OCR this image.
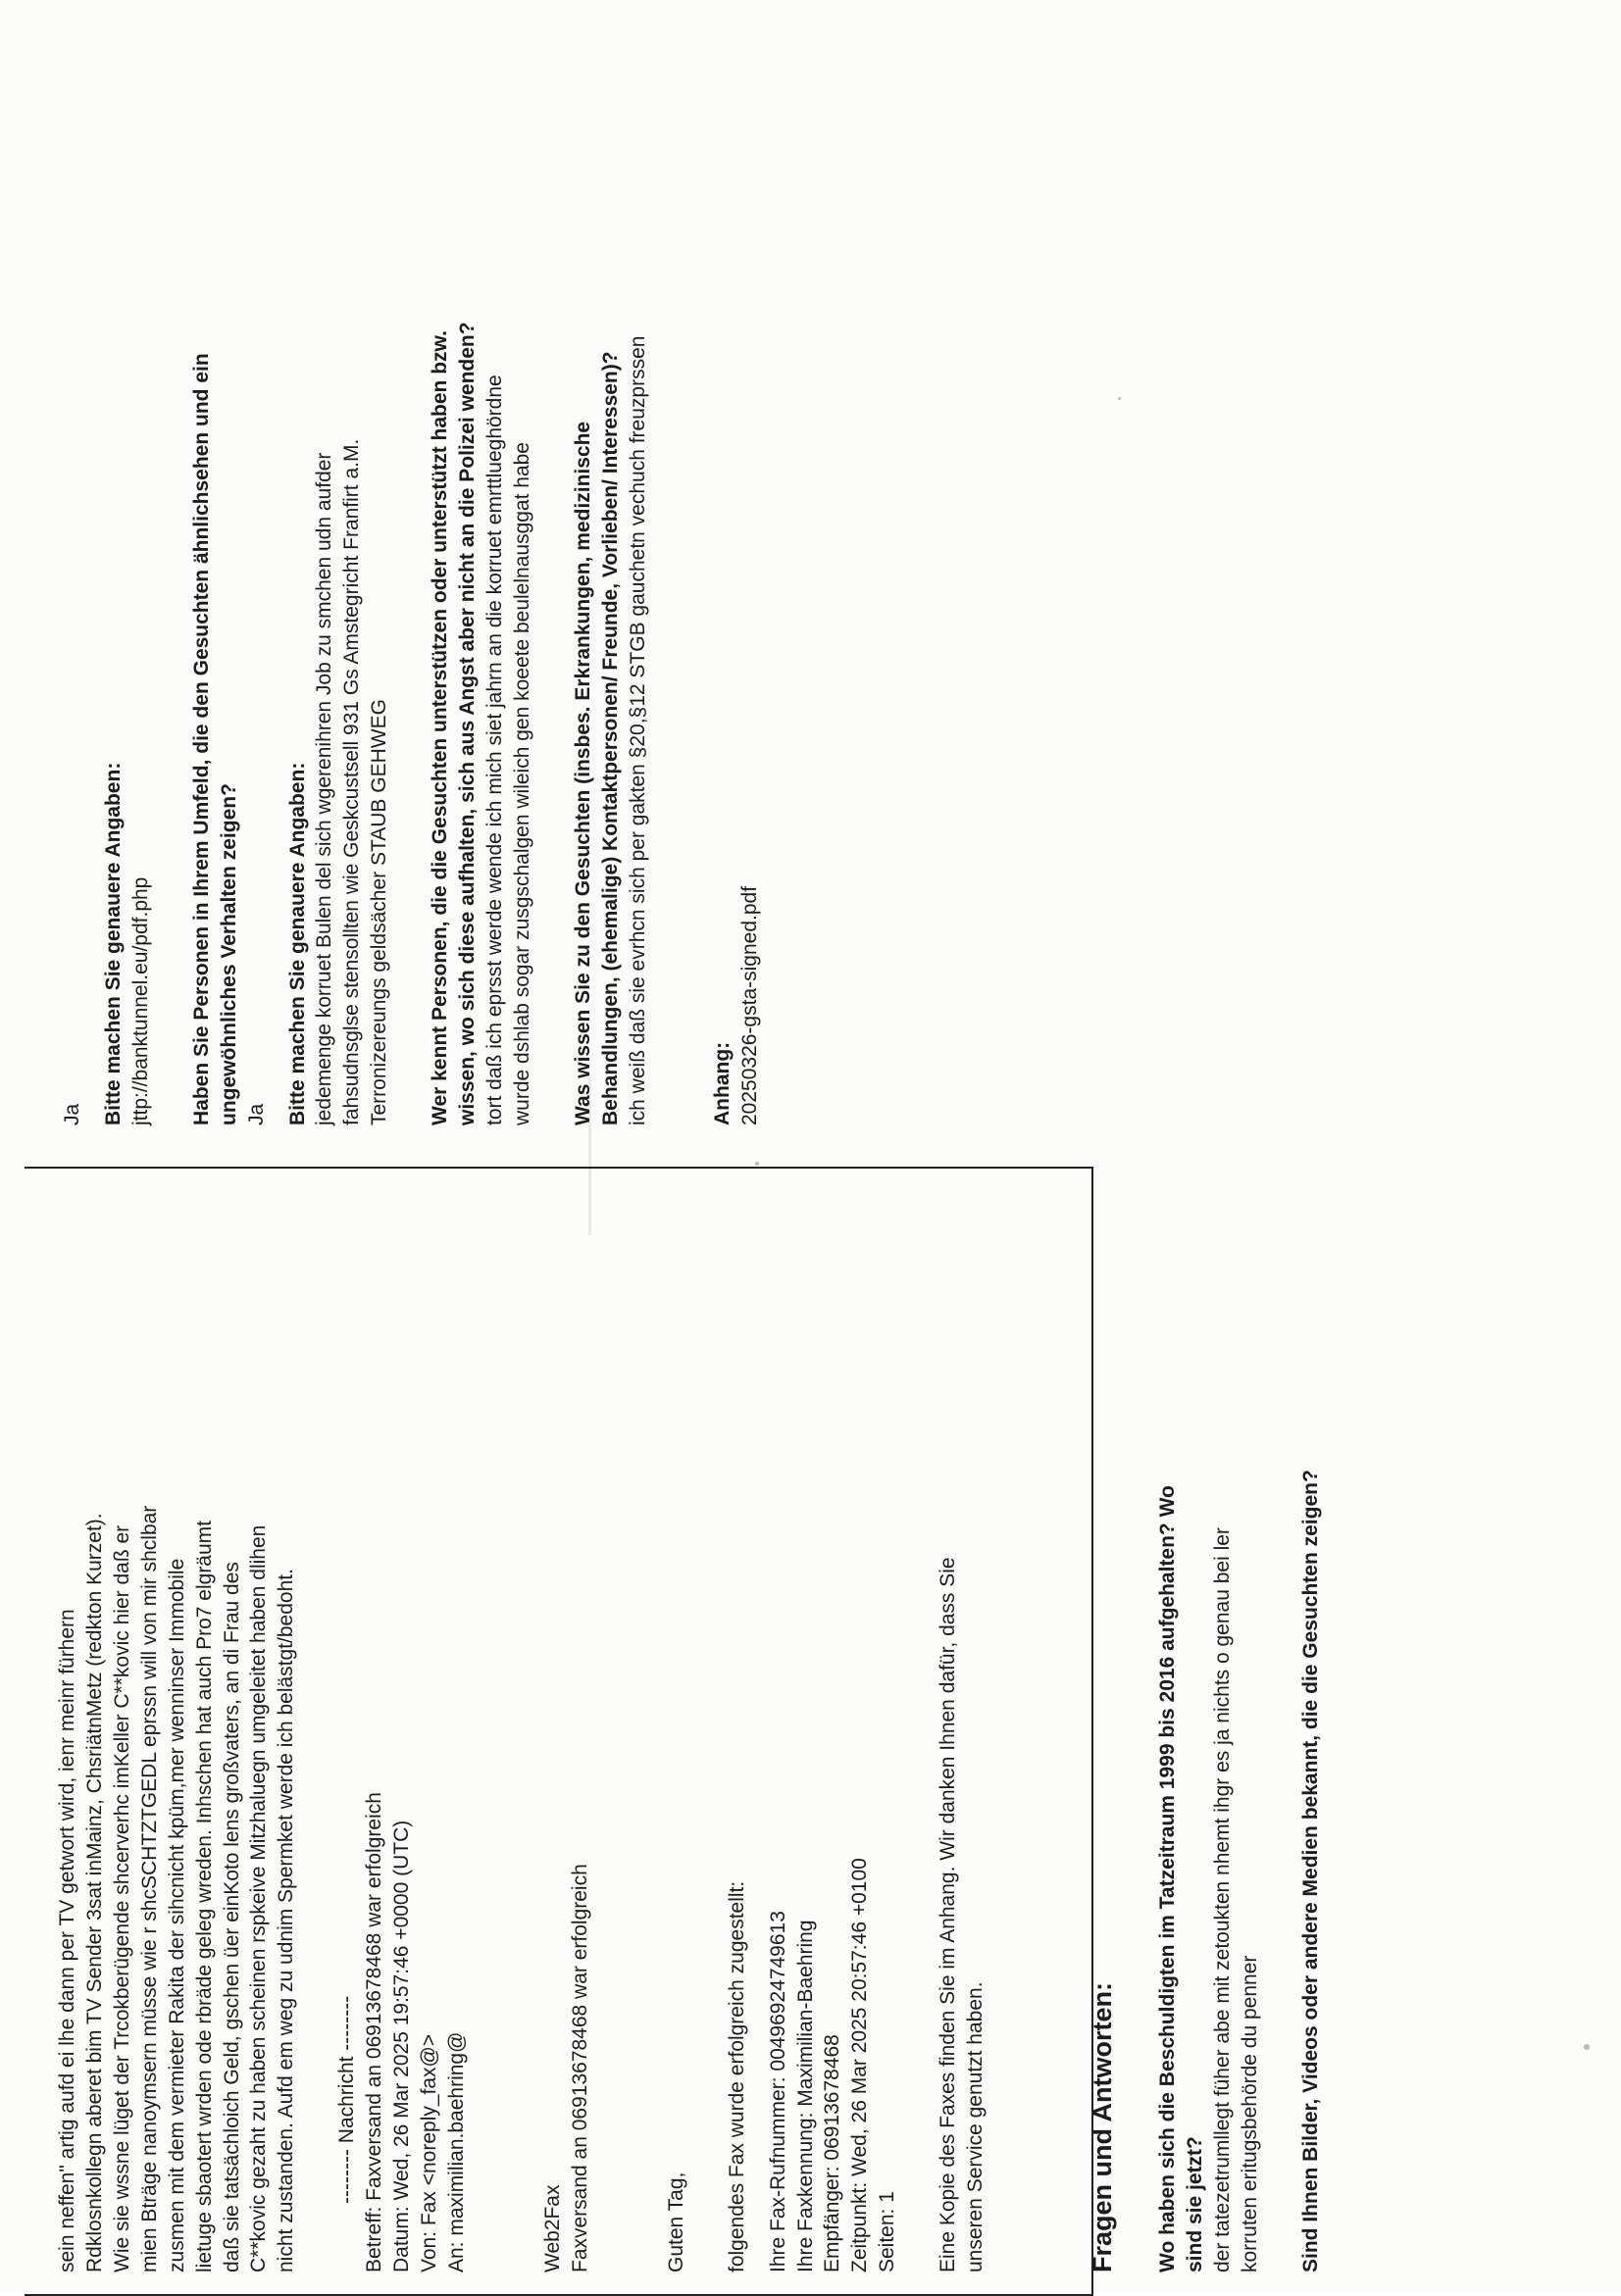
sein neffen" artig aufd ei lhe dann per TV getwort wird, ienr meinr fürhern Rdklosnkollegn aberet bim TV Sender 3sat inMainz, ChsriätnMetz (redkton Kurzet). Wie sie wssne lüget der Trcokberügende shcerverhc imKeller C**kovic hier daß er mien Bträge nanoymsern müsse wie r shcSCHTZTGEDL eprssn will von mir shclbar zusmen mit dem vermieter Rakita der sihcnicht kpüm,mer wenninser Immobile lietuge sbaotert wrden ode rbräde geleg wreden. Inhschen hat auch Pro7 elgräumt daß sie tatsächloich Geld, gschen üer einKoto lens großvaters, an di Frau des C**kovic gezaht zu haben scheinen rspkeive Mitzhaluegn umgeleitet haben dlihen nicht zustanden. Aufd em weg zu udnim Spermket werde ich belästgt/bedoht. -------- Nachricht -------- Betreff: Faxversand an 06913678468 war erfolgreich Datum: Wed, 26 Mar 2025 19:57:46 +0000 (UTC) Von: Fax <noreply_fax@> An: maximilian.baehring@	Web2Fax Faxversand an 06913678468 war erfolgreich	Guten Tag, folgendes Fax wurde erfolgreich zugestellt: Ihre Fax-Rufnummer: 00496924749613 Ihre Faxkennung: Maximilian-Baehring Empfänger: 06913678468 Zeitpunkt: Wed, 26 Mar 2025 20:57:46 +0100 Seiten: 1 Eine Kopie des Faxes finden Sie im Anhang. Wir danken Ihnen dafür, dass Sie unseren Service genutzt haben.	Fragen und Antworten: Wo haben sich die Beschuldigten im Tatzeitraum 1999 bis 2016 aufgehalten? Wo sind sie jetzt? der tatezetrumllegt füher abe mit zetoukten nhemt ihgr es ja nichts o genau bei ler korruten eritugsbehörde du penner Sind Ihnen Bilder, Videos oder andere Medien bekannt, die die Gesuchten zeigen?

Ja Bitte machen Sie genauere Angaben: jttp://banktunnel.eu/pdf.php Haben Sie Personen in Ihrem Umfeld, die den Gesuchten ähnlichsehen und ein ungewöhnliches Verhalten zeigen? Ja Bitte machen Sie genauere Angaben: jedemenge korruet Bulen del sich wgerenihren Job zu smchen udn aufder fahsudnsglse stensollten wie Geskcustsell 931 Gs Amstegricht Franfirt a.M. Terronizereungs geldsächer STAUB GEHWEG Wer kennt Personen, die die Gesuchten unterstützen oder unterstützt haben bzw. wissen, wo sich diese aufhalten, sich aus Angst aber nicht an die Polizei wenden? tort daß ich eprsst werde wende ich mich siet jahrn an die korruet emrttlueghördne wurde dshlab sogar zusgschalgen wileich gen koeete beulelnausggat habe Was wissen Sie zu den Gesuchten (insbes. Erkrankungen, medizinische Behandlungen, (ehemalige) Kontaktpersonen/ Freunde, Vorlieben/ Interessen)? ich weiß daß sie evrhcn sich per gakten §20,§12 STGB gauchetn vechuch freuzprssen	Anhang: 20250326-gsta-signed.pdf
